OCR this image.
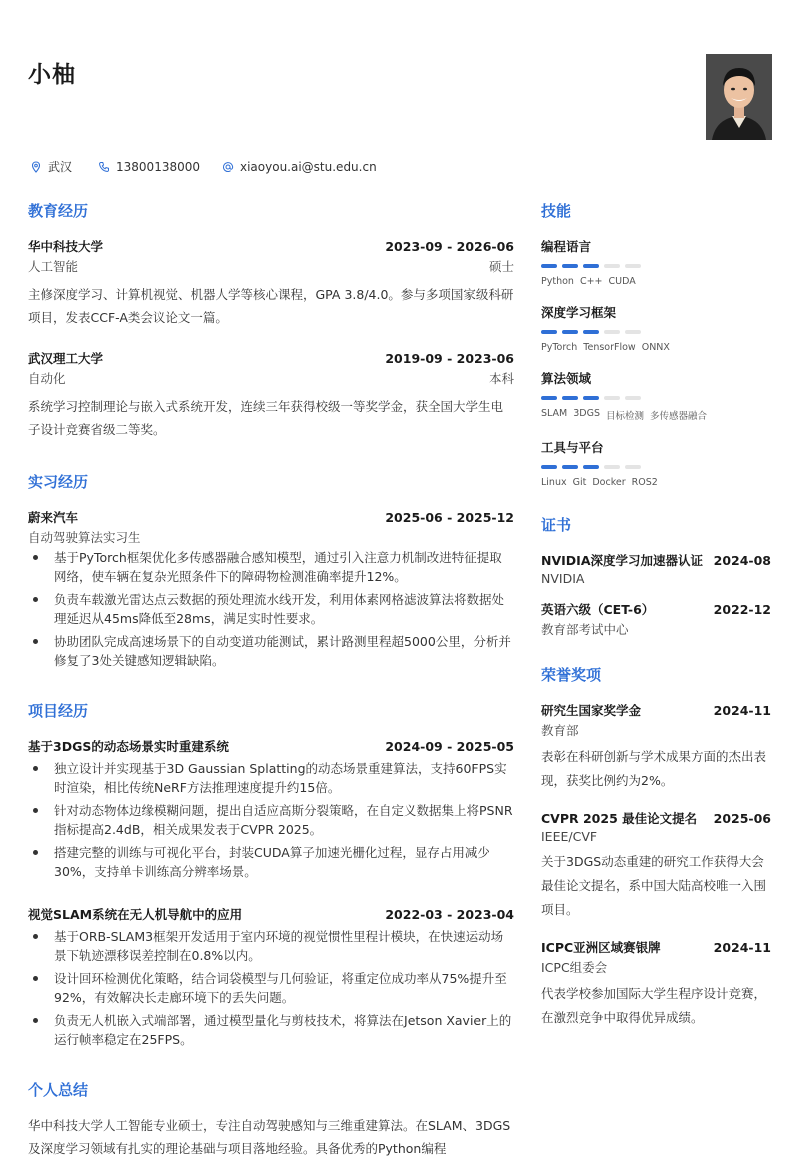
小柚
武汉	13800138000	xiaoyou.ai@stu.edu.cn
教育经历
华中科技大学	2023-09 - 2026-06
人工智能	硕士
主修深度学习、计算机视觉、机器人学等核心课程，GPA 3.8/4.0。参与多项国家级科研项目，发表CCF-A类会议论文一篇。
武汉理工大学	2019-09 - 2023-06
自动化	本科
系统学习控制理论与嵌入式系统开发，连续三年获得校级一等奖学金，获全国大学生电子设计竞赛省级二等奖。
实习经历
蔚来汽车	2025-06 - 2025-12
自动驾驶算法实习生
基于PyTorch框架优化多传感器融合感知模型，通过引入注意力机制改进特征提取网络，使车辆在复杂光照条件下的障碍物检测准确率提升12%。
负责车载激光雷达点云数据的预处理流水线开发，利用体素网格滤波算法将数据处理延迟从45ms降低至28ms，满足实时性要求。
协助团队完成高速场景下的自动变道功能测试，累计路测里程超5000公里，分析并修复了3处关键感知逻辑缺陷。
项目经历
基于3DGS的动态场景实时重建系统	2024-09 - 2025-05
独立设计并实现基于3D Gaussian Splatting的动态场景重建算法，支持60FPS实时渲染，相比传统NeRF方法推理速度提升约15倍。
针对动态物体边缘模糊问题，提出自适应高斯分裂策略，在自定义数据集上将PSNR指标提高2.4dB，相关成果发表于CVPR 2025。
搭建完整的训练与可视化平台，封装CUDA算子加速光栅化过程，显存占用减少30%，支持单卡训练高分辨率场景。
视觉SLAM系统在无人机导航中的应用	2022-03 - 2023-04
基于ORB-SLAM3框架开发适用于室内环境的视觉惯性里程计模块，在快速运动场景下轨迹漂移误差控制在0.8%以内。
设计回环检测优化策略，结合词袋模型与几何验证，将重定位成功率从75%提升至92%，有效解决长走廊环境下的丢失问题。
负责无人机嵌入式端部署，通过模型量化与剪枝技术，将算法在Jetson Xavier上的运行帧率稳定在25FPS。
个人总结
华中科技大学人工智能专业硕士，专注自动驾驶感知与三维重建算法。在SLAM、3DGS及深度学习领域有扎实的理论基础与项目落地经验。具备优秀的Python编程
技能
编程语言
Python C++ CUDA
深度学习框架
PyTorch TensorFlow ONNX
算法领域
SLAM 3DGS 目标检测 多传感器融合
工具与平台
Linux Git Docker ROS2
证书
NVIDIA深度学习加速器认证 2024-08
NVIDIA
英语六级（CET-6）	2022-12
教育部考试中心
荣誉奖项
研究生国家奖学金	2024-11
教育部
表彰在科研创新与学术成果方面的杰出表现，获奖比例约为2%。
CVPR 2025 最佳论文提名 2025-06
IEEE/CVF
关于3DGS动态重建的研究工作获得大会最佳论文提名，系中国大陆高校唯一入围项目。
ICPC亚洲区域赛银牌	2024-11
ICPC组委会
代表学校参加国际大学生程序设计竞赛，在激烈竞争中取得优异成绩。
